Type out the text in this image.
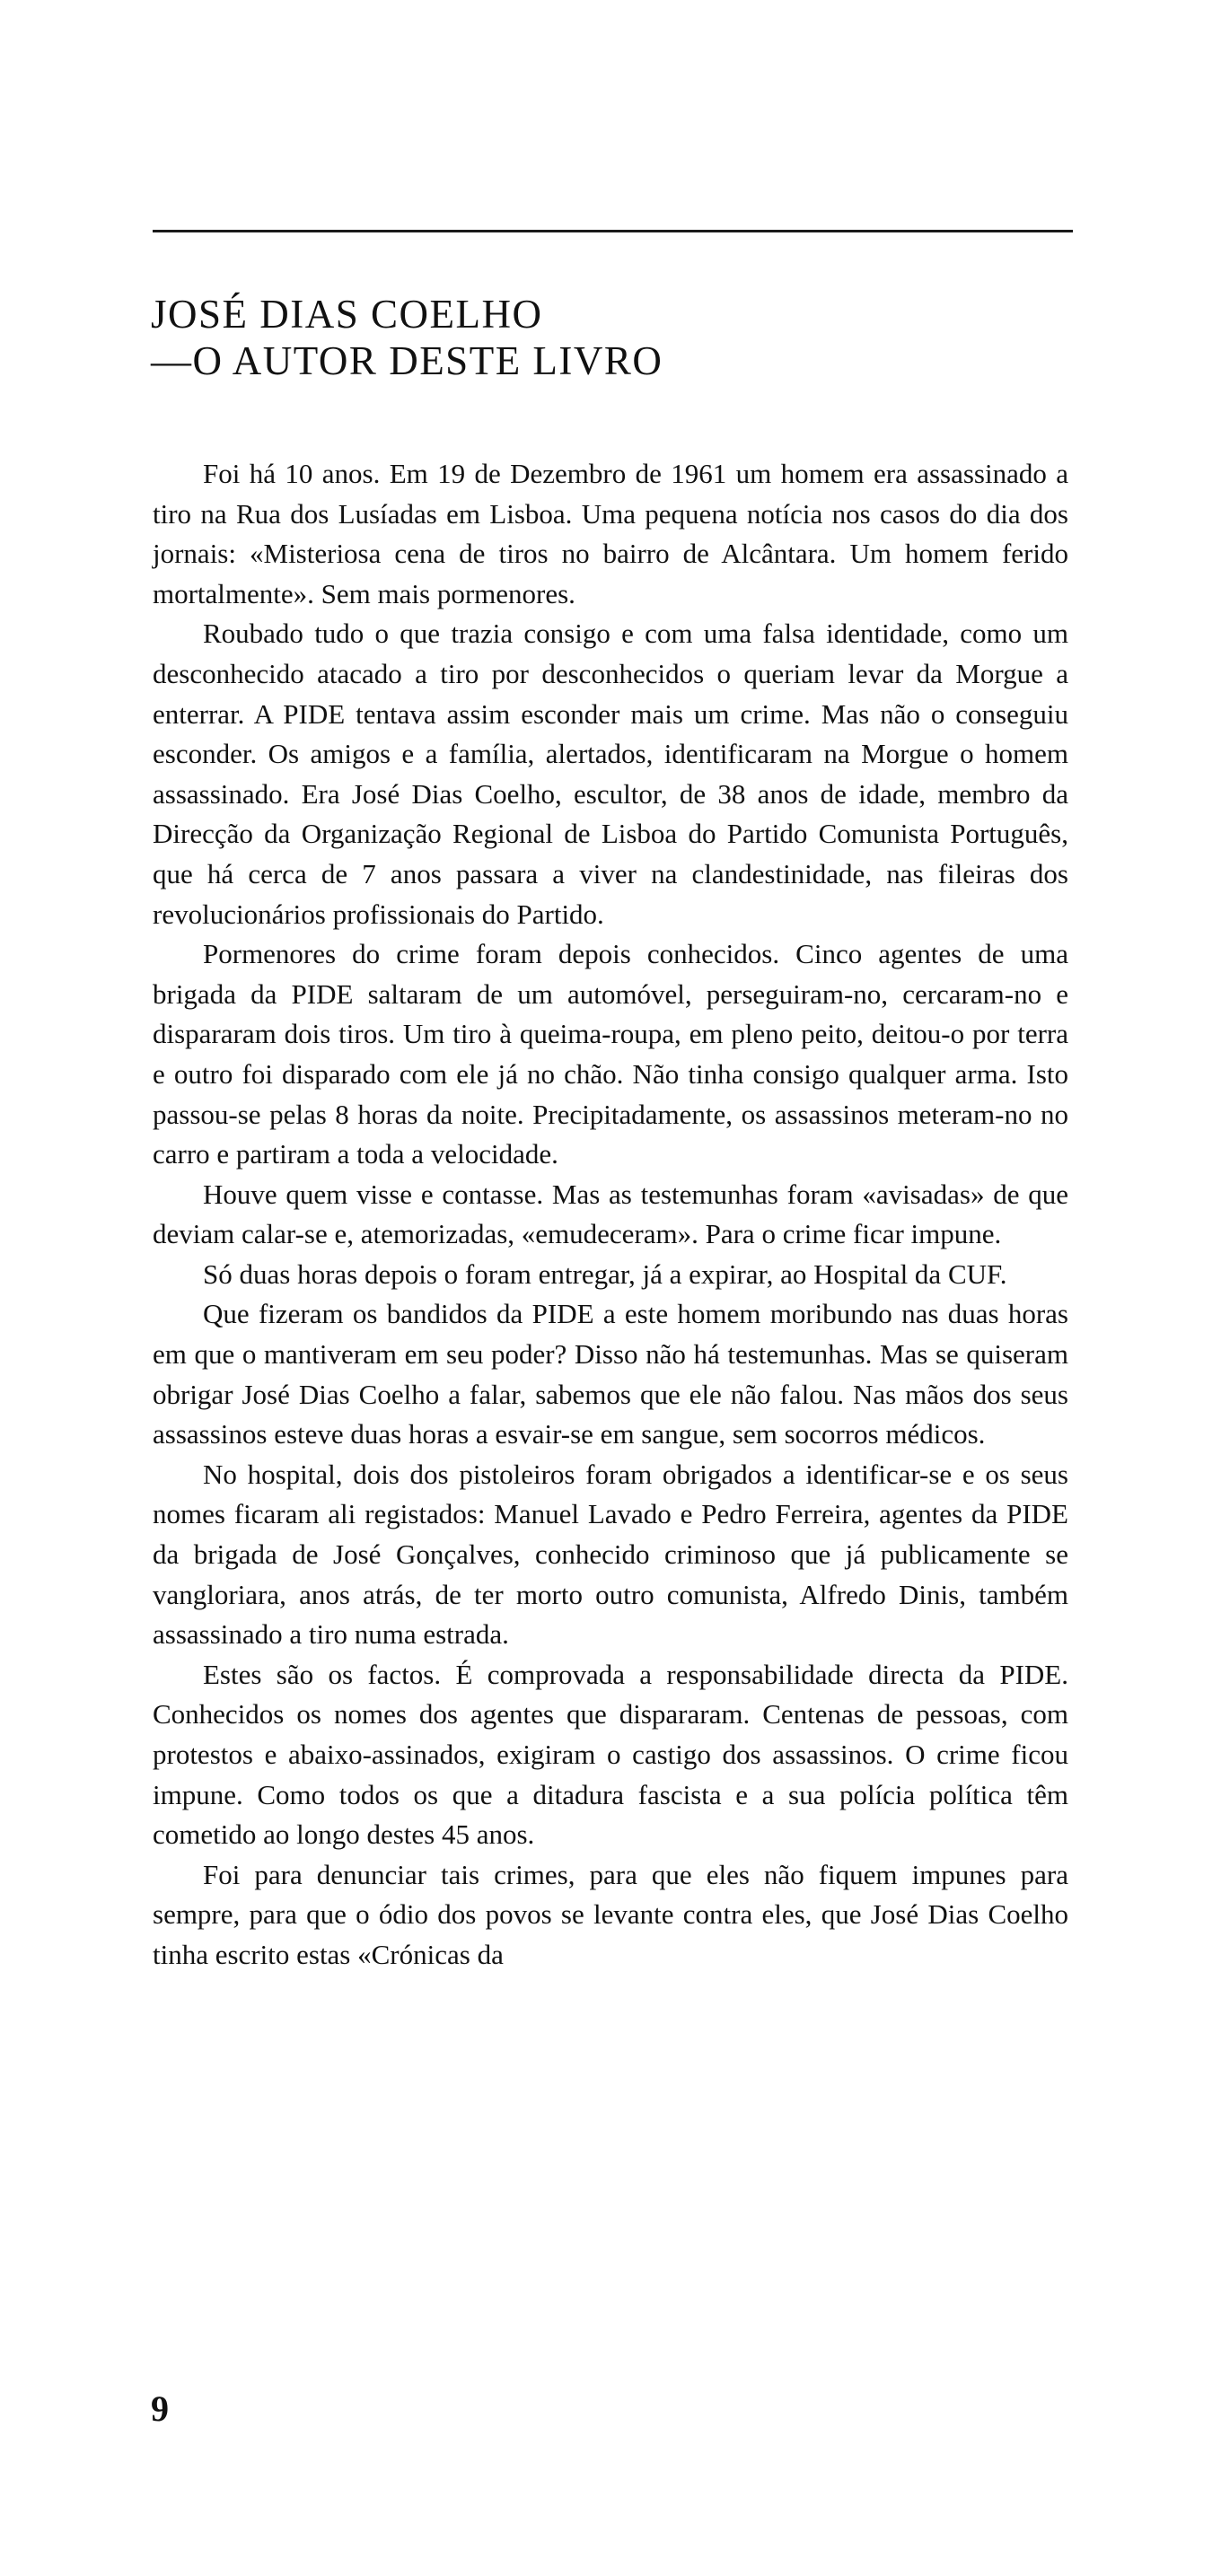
JOSÉ DIAS COELHO
—O AUTOR DESTE LIVRO

Foi há 10 anos. Em 19 de Dezembro de 1961 um homem era assassinado a tiro na Rua dos Lusíadas em Lisboa. Uma pequena notícia nos casos do dia dos jornais: «Misteriosa cena de tiros no bairro de Alcântara. Um homem ferido mortalmente». Sem mais pormenores.

Roubado tudo o que trazia consigo e com uma falsa identidade, como um desconhecido atacado a tiro por desconhecidos o queriam levar da Morgue a enterrar. A PIDE tentava assim esconder mais um crime. Mas não o conseguiu esconder. Os amigos e a família, alertados, identificaram na Morgue o homem assassinado. Era José Dias Coelho, escultor, de 38 anos de idade, membro da Direcção da Organização Regional de Lisboa do Partido Comunista Português, que há cerca de 7 anos passara a viver na clandestinidade, nas fileiras dos revolucionários profissionais do Partido.

Pormenores do crime foram depois conhecidos. Cinco agentes de uma brigada da PIDE saltaram de um automóvel, perseguiram-no, cercaram-no e dispararam dois tiros. Um tiro à queima-roupa, em pleno peito, deitou-o por terra e outro foi disparado com ele já no chão. Não tinha consigo qualquer arma. Isto passou-se pelas 8 horas da noite. Precipitadamente, os assassinos meteram-no no carro e partiram a toda a velocidade.

Houve quem visse e contasse. Mas as testemunhas foram «avisadas» de que deviam calar-se e, atemorizadas, «emudeceram». Para o crime ficar impune.

Só duas horas depois o foram entregar, já a expirar, ao Hospital da CUF.

Que fizeram os bandidos da PIDE a este homem moribundo nas duas horas em que o mantiveram em seu poder? Disso não há testemunhas. Mas se quiseram obrigar José Dias Coelho a falar, sabemos que ele não falou. Nas mãos dos seus assassinos esteve duas horas a esvair-se em sangue, sem socorros médicos.

No hospital, dois dos pistoleiros foram obrigados a identificar-se e os seus nomes ficaram ali registados: Manuel Lavado e Pedro Ferreira, agentes da PIDE da brigada de José Gonçalves, conhecido criminoso que já publicamente se vangloriara, anos atrás, de ter morto outro comunista, Alfredo Dinis, também assassinado a tiro numa estrada.

Estes são os factos. É comprovada a responsabilidade directa da PIDE. Conhecidos os nomes dos agentes que dispararam. Centenas de pessoas, com protestos e abaixo-assinados, exigiram o castigo dos assassinos. O crime ficou impune. Como todos os que a ditadura fascista e a sua polícia política têm cometido ao longo destes 45 anos.

Foi para denunciar tais crimes, para que eles não fiquem impunes para sempre, para que o ódio dos povos se levante contra eles, que José Dias Coelho tinha escrito estas «Crónicas da

9
